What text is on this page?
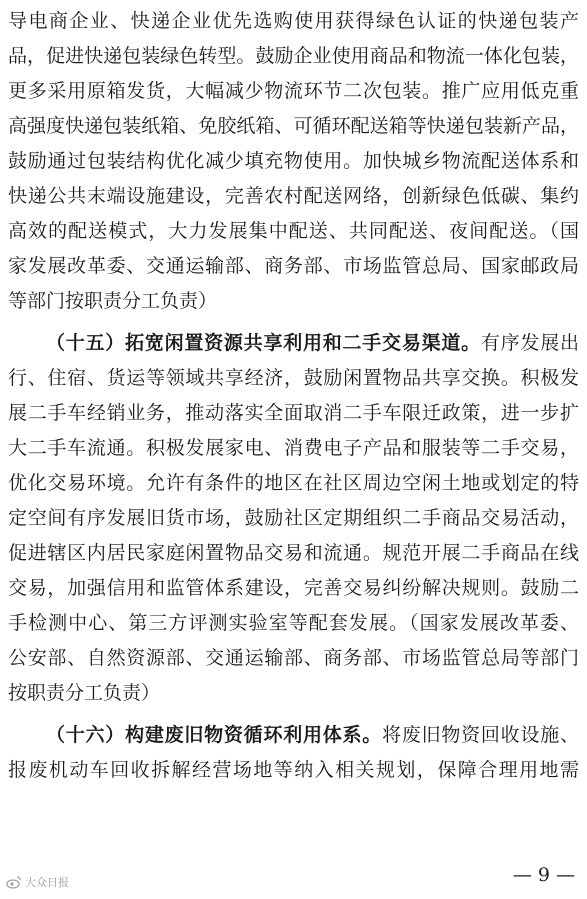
导电商企业、快递企业优先选购使用获得绿色认证的快递包装产
品，促进快递包装绿色转型。鼓励企业使用商品和物流一体化包装，
更多采用原箱发货，大幅减少物流环节二次包装。推广应用低克重
高强度快递包装纸箱、免胶纸箱、可循环配送箱等快递包装新产品，
鼓励通过包装结构优化减少填充物使用。加快城乡物流配送体系和
快递公共末端设施建设，完善农村配送网络，创新绿色低碳、集约
高效的配送模式，大力发展集中配送、共同配送、夜间配送。（国
家发展改革委、交通运输部、商务部、市场监管总局、国家邮政局
等部门按职责分工负责）
（十五）拓宽闲置资源共享利用和二手交易渠道。有序发展出
行、住宿、货运等领域共享经济，鼓励闲置物品共享交换。积极发
展二手车经销业务，推动落实全面取消二手车限迁政策，进一步扩
大二手车流通。积极发展家电、消费电子产品和服装等二手交易，
优化交易环境。允许有条件的地区在社区周边空闲土地或划定的特
定空间有序发展旧货市场，鼓励社区定期组织二手商品交易活动，
促进辖区内居民家庭闲置物品交易和流通。规范开展二手商品在线
交易，加强信用和监管体系建设，完善交易纠纷解决规则。鼓励二
手检测中心、第三方评测实验室等配套发展。（国家发展改革委、
公安部、自然资源部、交通运输部、商务部、市场监管总局等部门
按职责分工负责）
（十六）构建废旧物资循环利用体系。将废旧物资回收设施、
报废机动车回收拆解经营场地等纳入相关规划，保障合理用地需
大众日报	— 9 —
